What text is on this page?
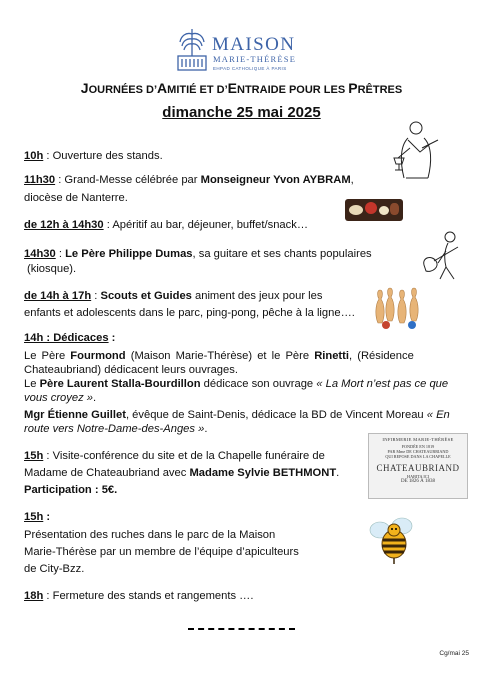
MAISON
MARIE-THÉRÈSE
EHPAD CATHOLIQUE À PARIS
JOURNÉES D’AMITIÉ ET D’ENTRAIDE POUR LES PRÊTRES
dimanche 25 mai 2025
10h : Ouverture des stands.
11h30 : Grand-Messe célébrée par Monseigneur Yvon AYBRAM,
diocèse de Nanterre.
de 12h à 14h30 : Apéritif au bar, déjeuner, buffet/snack…
14h30 : Le Père Philippe Dumas, sa guitare et ses chants populaires
(kiosque).
de 14h à 17h : Scouts et Guides animent des jeux pour les
enfants et adolescents dans le parc, ping-pong, pêche à la ligne….
14h : Dédicaces :
Le Père Fourmond (Maison Marie-Thérèse) et le Père Rinetti, (Résidence
Chateaubriand) dédicacent leurs ouvrages.
Le Père Laurent Stalla-Bourdillon dédicace son ouvrage « La Mort n’est pas ce que
vous croyez ».
Mgr Étienne Guillet, évêque de Saint-Denis, dédicace la BD de Vincent Moreau « En
route vers Notre-Dame-des-Anges ».
15h : Visite-conférence du site et de la Chapelle funéraire de
Madame de Chateaubriand avec Madame Sylvie BETHMONT.
Participation : 5€.
15h :
Présentation des ruches dans le parc de la Maison
Marie-Thérèse par un membre de l’équipe d’apiculteurs
de City-Bzz.
18h : Fermeture des stands et rangements ….
INFIRMERIE MARIE-THÉRÈSE
FONDÉE EN 1819
PAR Mme DE CHATEAUBRIAND
QUI REPOSE DANS LA CHAPELLE
CHATEAUBRIAND
HABITA ICI
DE 1826 À 1838
Cg/mai 25
